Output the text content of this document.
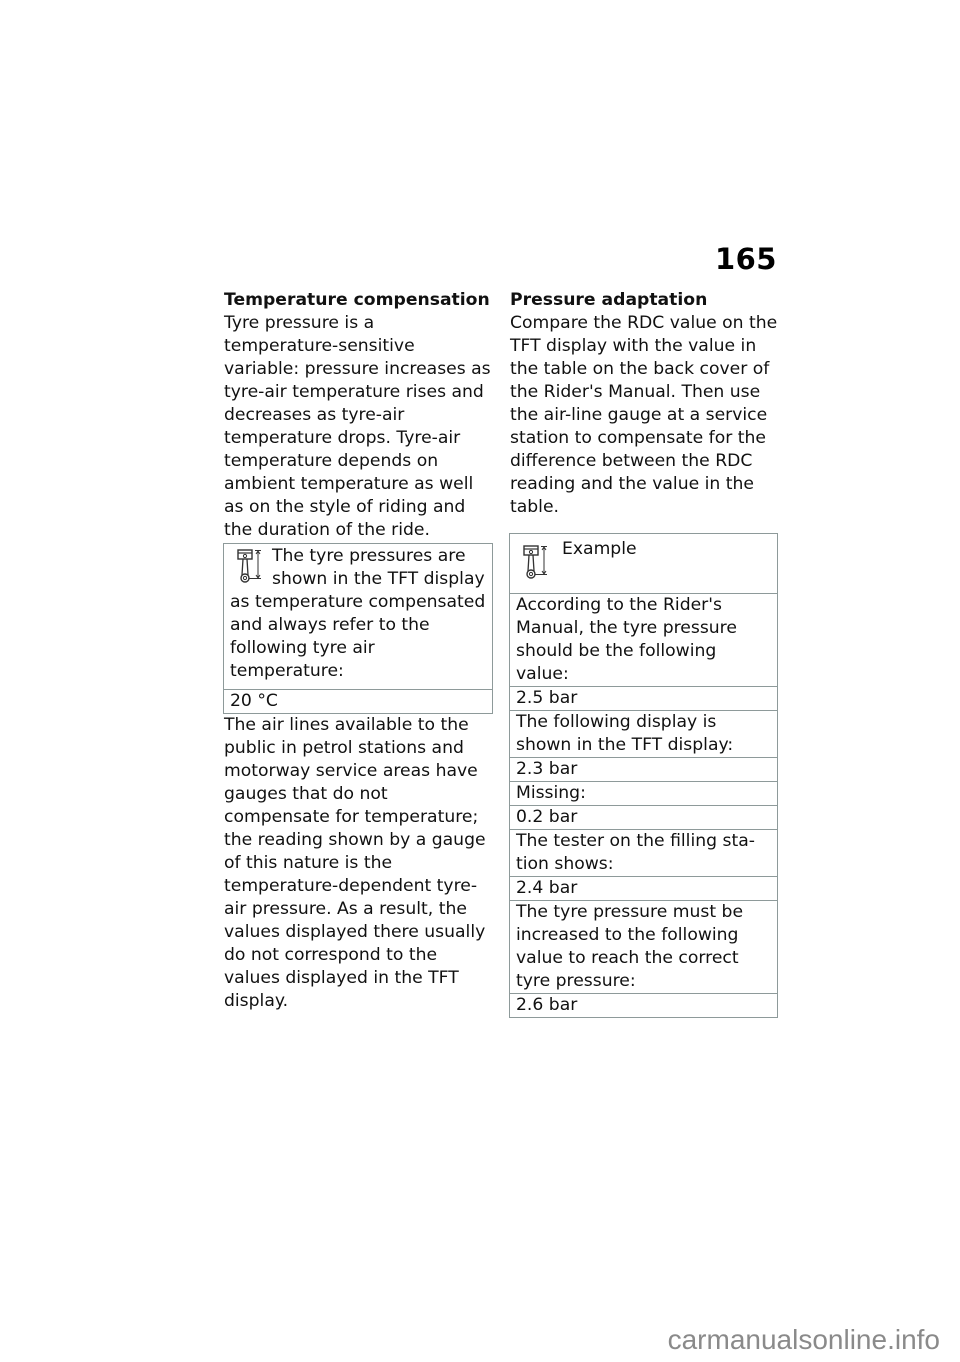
165
Temperature compensation

Tyre pressure is a temperature-sensitive variable: pressure increases as tyre-air temperature rises and decreases as tyre-air temperature drops. Tyre-air temperature depends on ambient temperature as well as on the style of riding and the duration of the ride.

The tyre pressures are shown in the TFT display as temperature compensated and always refer to the following tyre air temperature:
20 °C

The air lines available to the public in petrol stations and motorway service areas have gauges that do not compensate for temperature; the reading shown by a gauge of this nature is the temperature-dependent tyre-air pressure. As a result, the values displayed there usually do not correspond to the values displayed in the TFT display.

Pressure adaptation

Compare the RDC value on the TFT display with the value in the table on the back cover of the Rider's Manual. Then use the air-line gauge at a service station to compensate for the difference between the RDC reading and the value in the table.

Example
According to the Rider's Manual, the tyre pressure should be the following value:
2.5 bar
The following display is shown in the TFT display:
2.3 bar
Missing:
0.2 bar
The tester on the filling station shows:
2.4 bar
The tyre pressure must be increased to the following value to reach the correct tyre pressure:
2.6 bar
carmanualsonline.info
